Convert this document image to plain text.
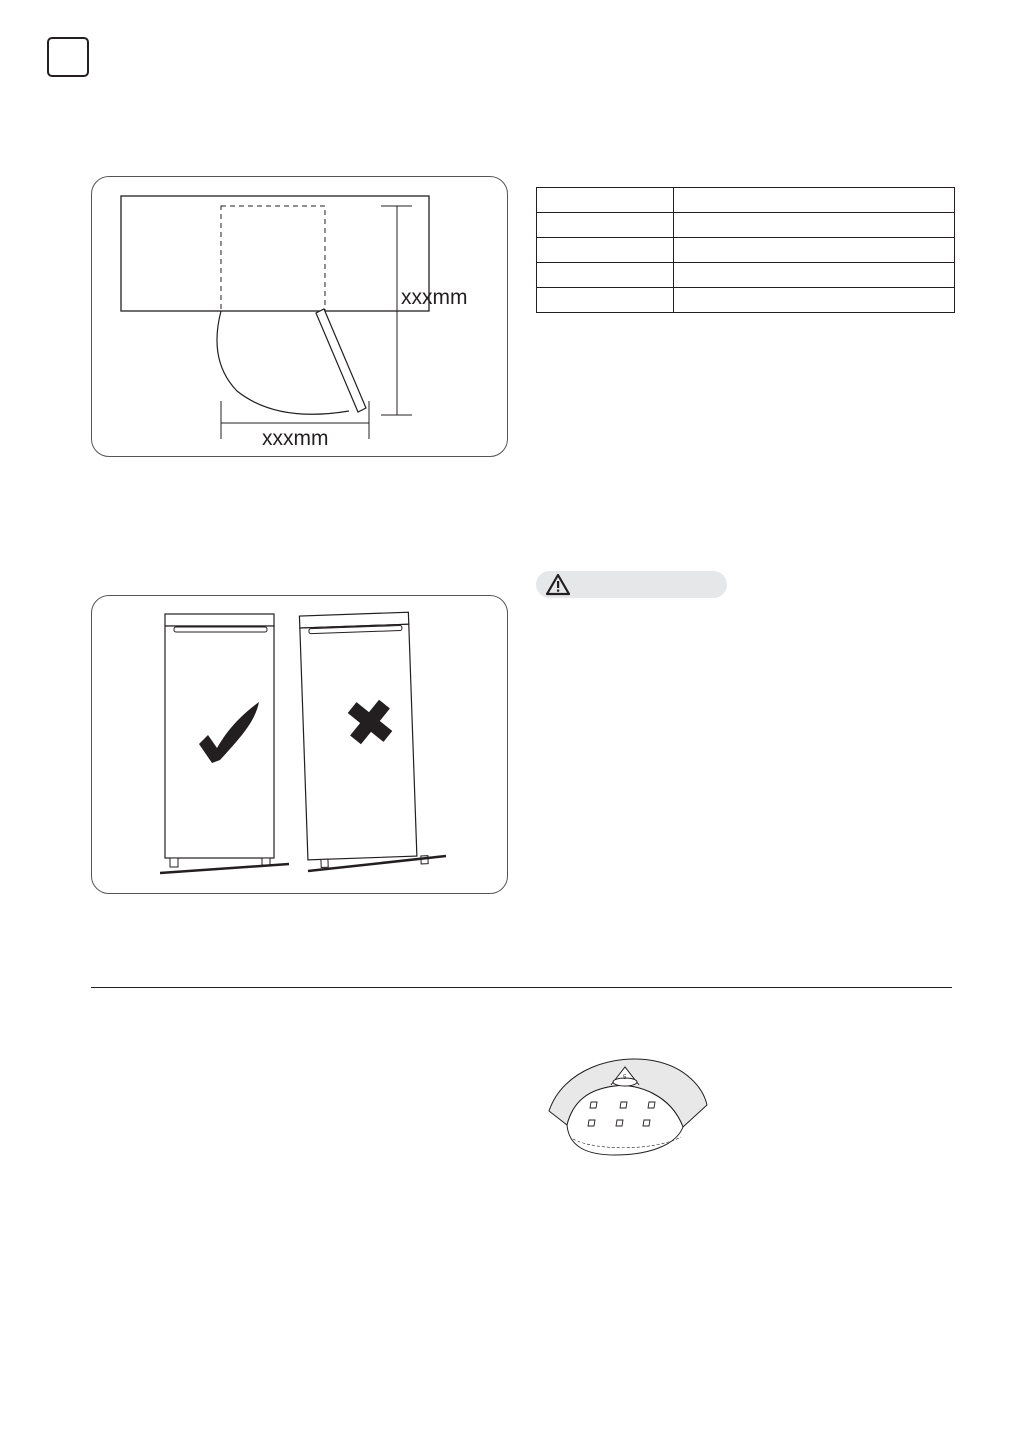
xxxmm
xxxmm

5
